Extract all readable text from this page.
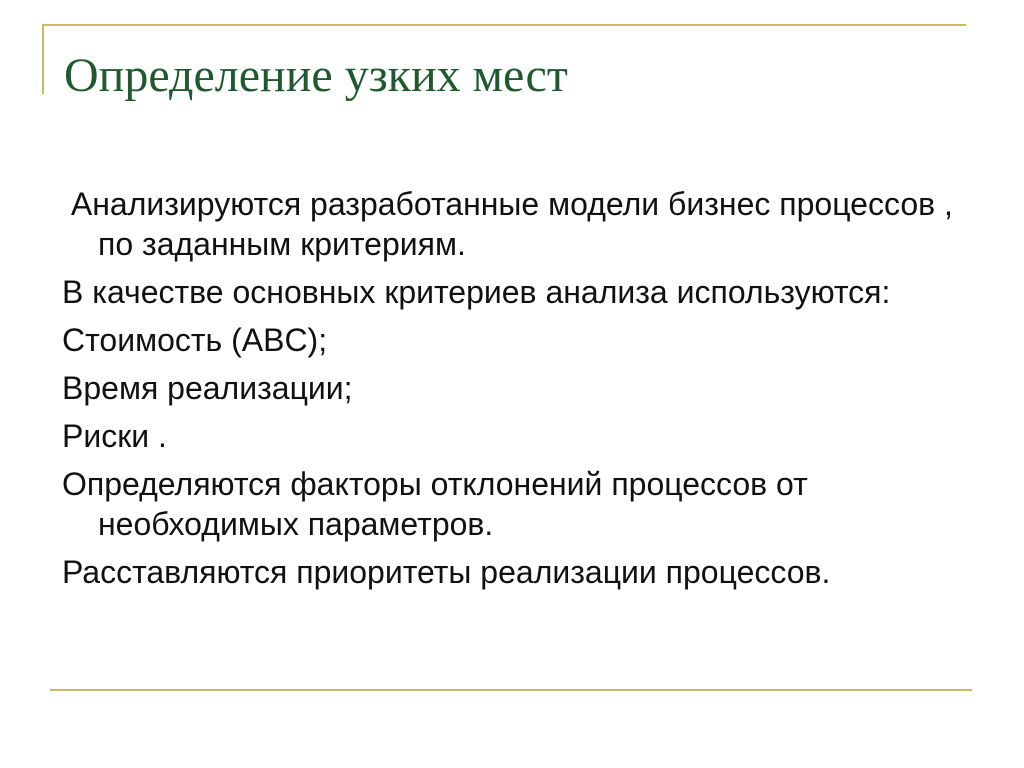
Определение узких мест
Анализируются разработанные модели бизнес процессов , по заданным критериям.
В качестве основных критериев анализа используются:
Стоимость (ABC);
Время реализации;
Риски .
Определяются факторы отклонений процессов от необходимых параметров.
Расставляются приоритеты реализации процессов.
